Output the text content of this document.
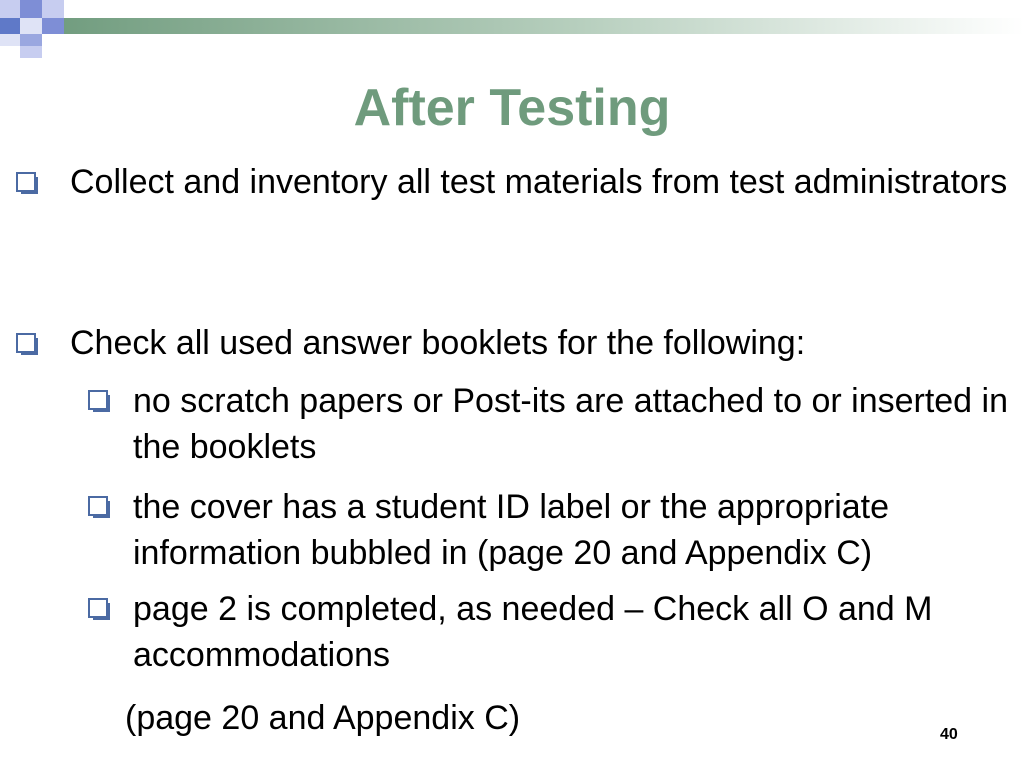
After Testing
Collect and inventory all test materials from test administrators
Check all used answer booklets for the following:
no scratch papers or Post-its are attached to or inserted in the booklets
the cover has a student ID label or the appropriate information bubbled in (page 20 and Appendix C)
page 2 is completed, as needed – Check all O and M accommodations
(page 20 and Appendix C)	40
